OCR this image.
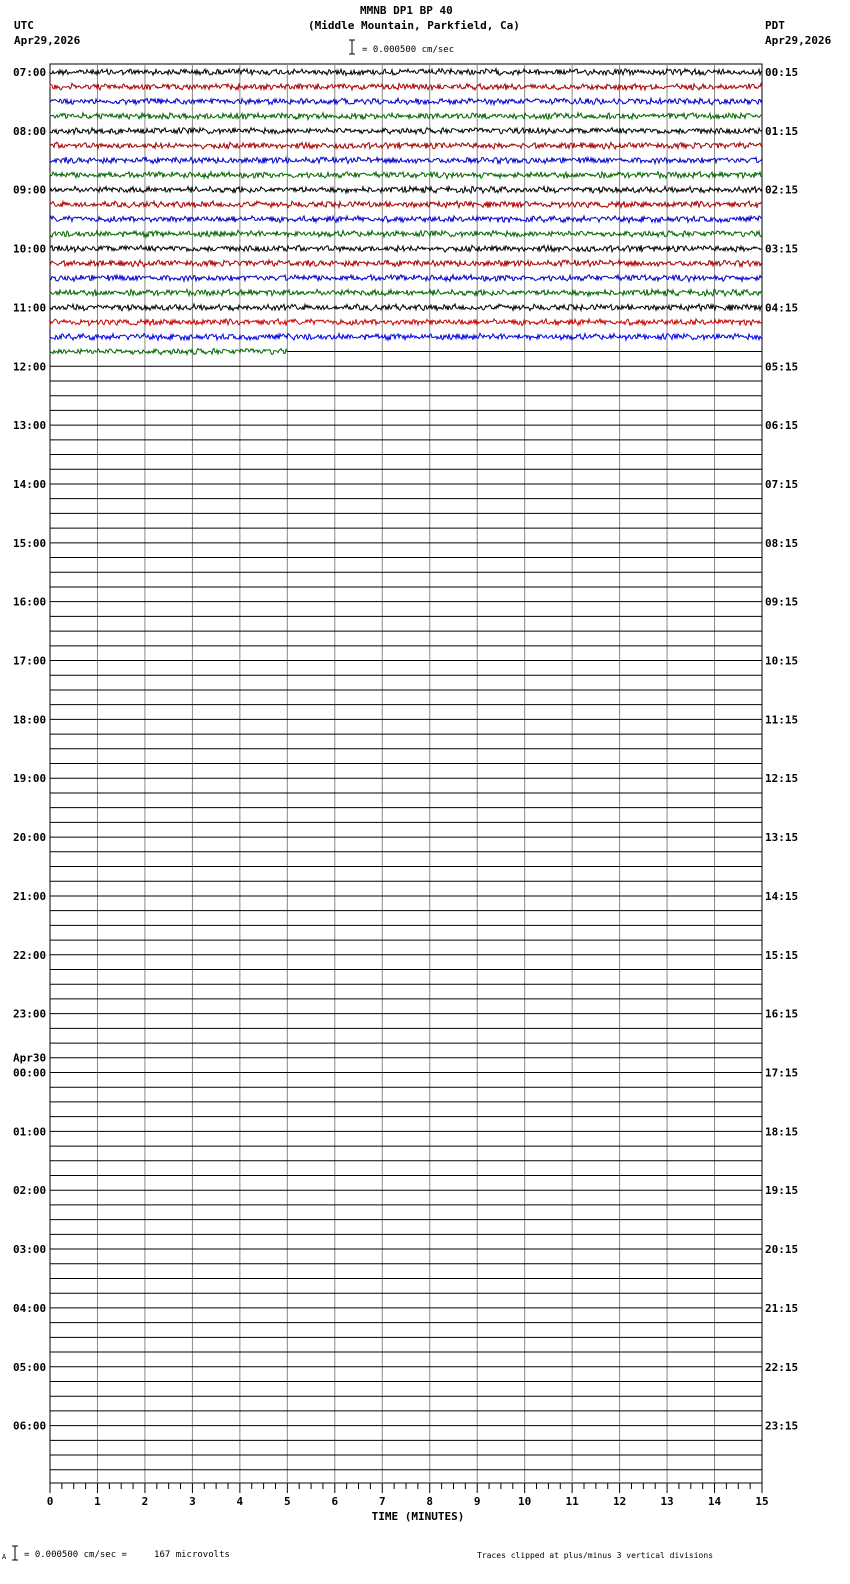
MMNB DP1 BP 40
(Middle Mountain, Parkfield, Ca)
UTC
Apr29,2026
PDT
Apr29,2026
= 0.000500 cm/sec
A = 0.000500 cm/sec =     167 microvolts	Traces clipped at plus/minus 3 vertical divisions
07:00
08:00
09:00
10:00
11:00
12:00
13:00
14:00
15:00
16:00
17:00
18:00
19:00
20:00
21:00
22:00
23:00
00:00
01:00
02:00
03:00
04:00
05:00
06:00
00:15
01:15
02:15
03:15
04:15
05:15
06:15
07:15
08:15
09:15
10:15
11:15
12:15
13:15
14:15
15:15
16:15
17:15
18:15
19:15
20:15
21:15
22:15
23:15
Apr30
0	1	2	3	4	5	6	7	8	9	10	11	12	13	14	15
TIME (MINUTES)
